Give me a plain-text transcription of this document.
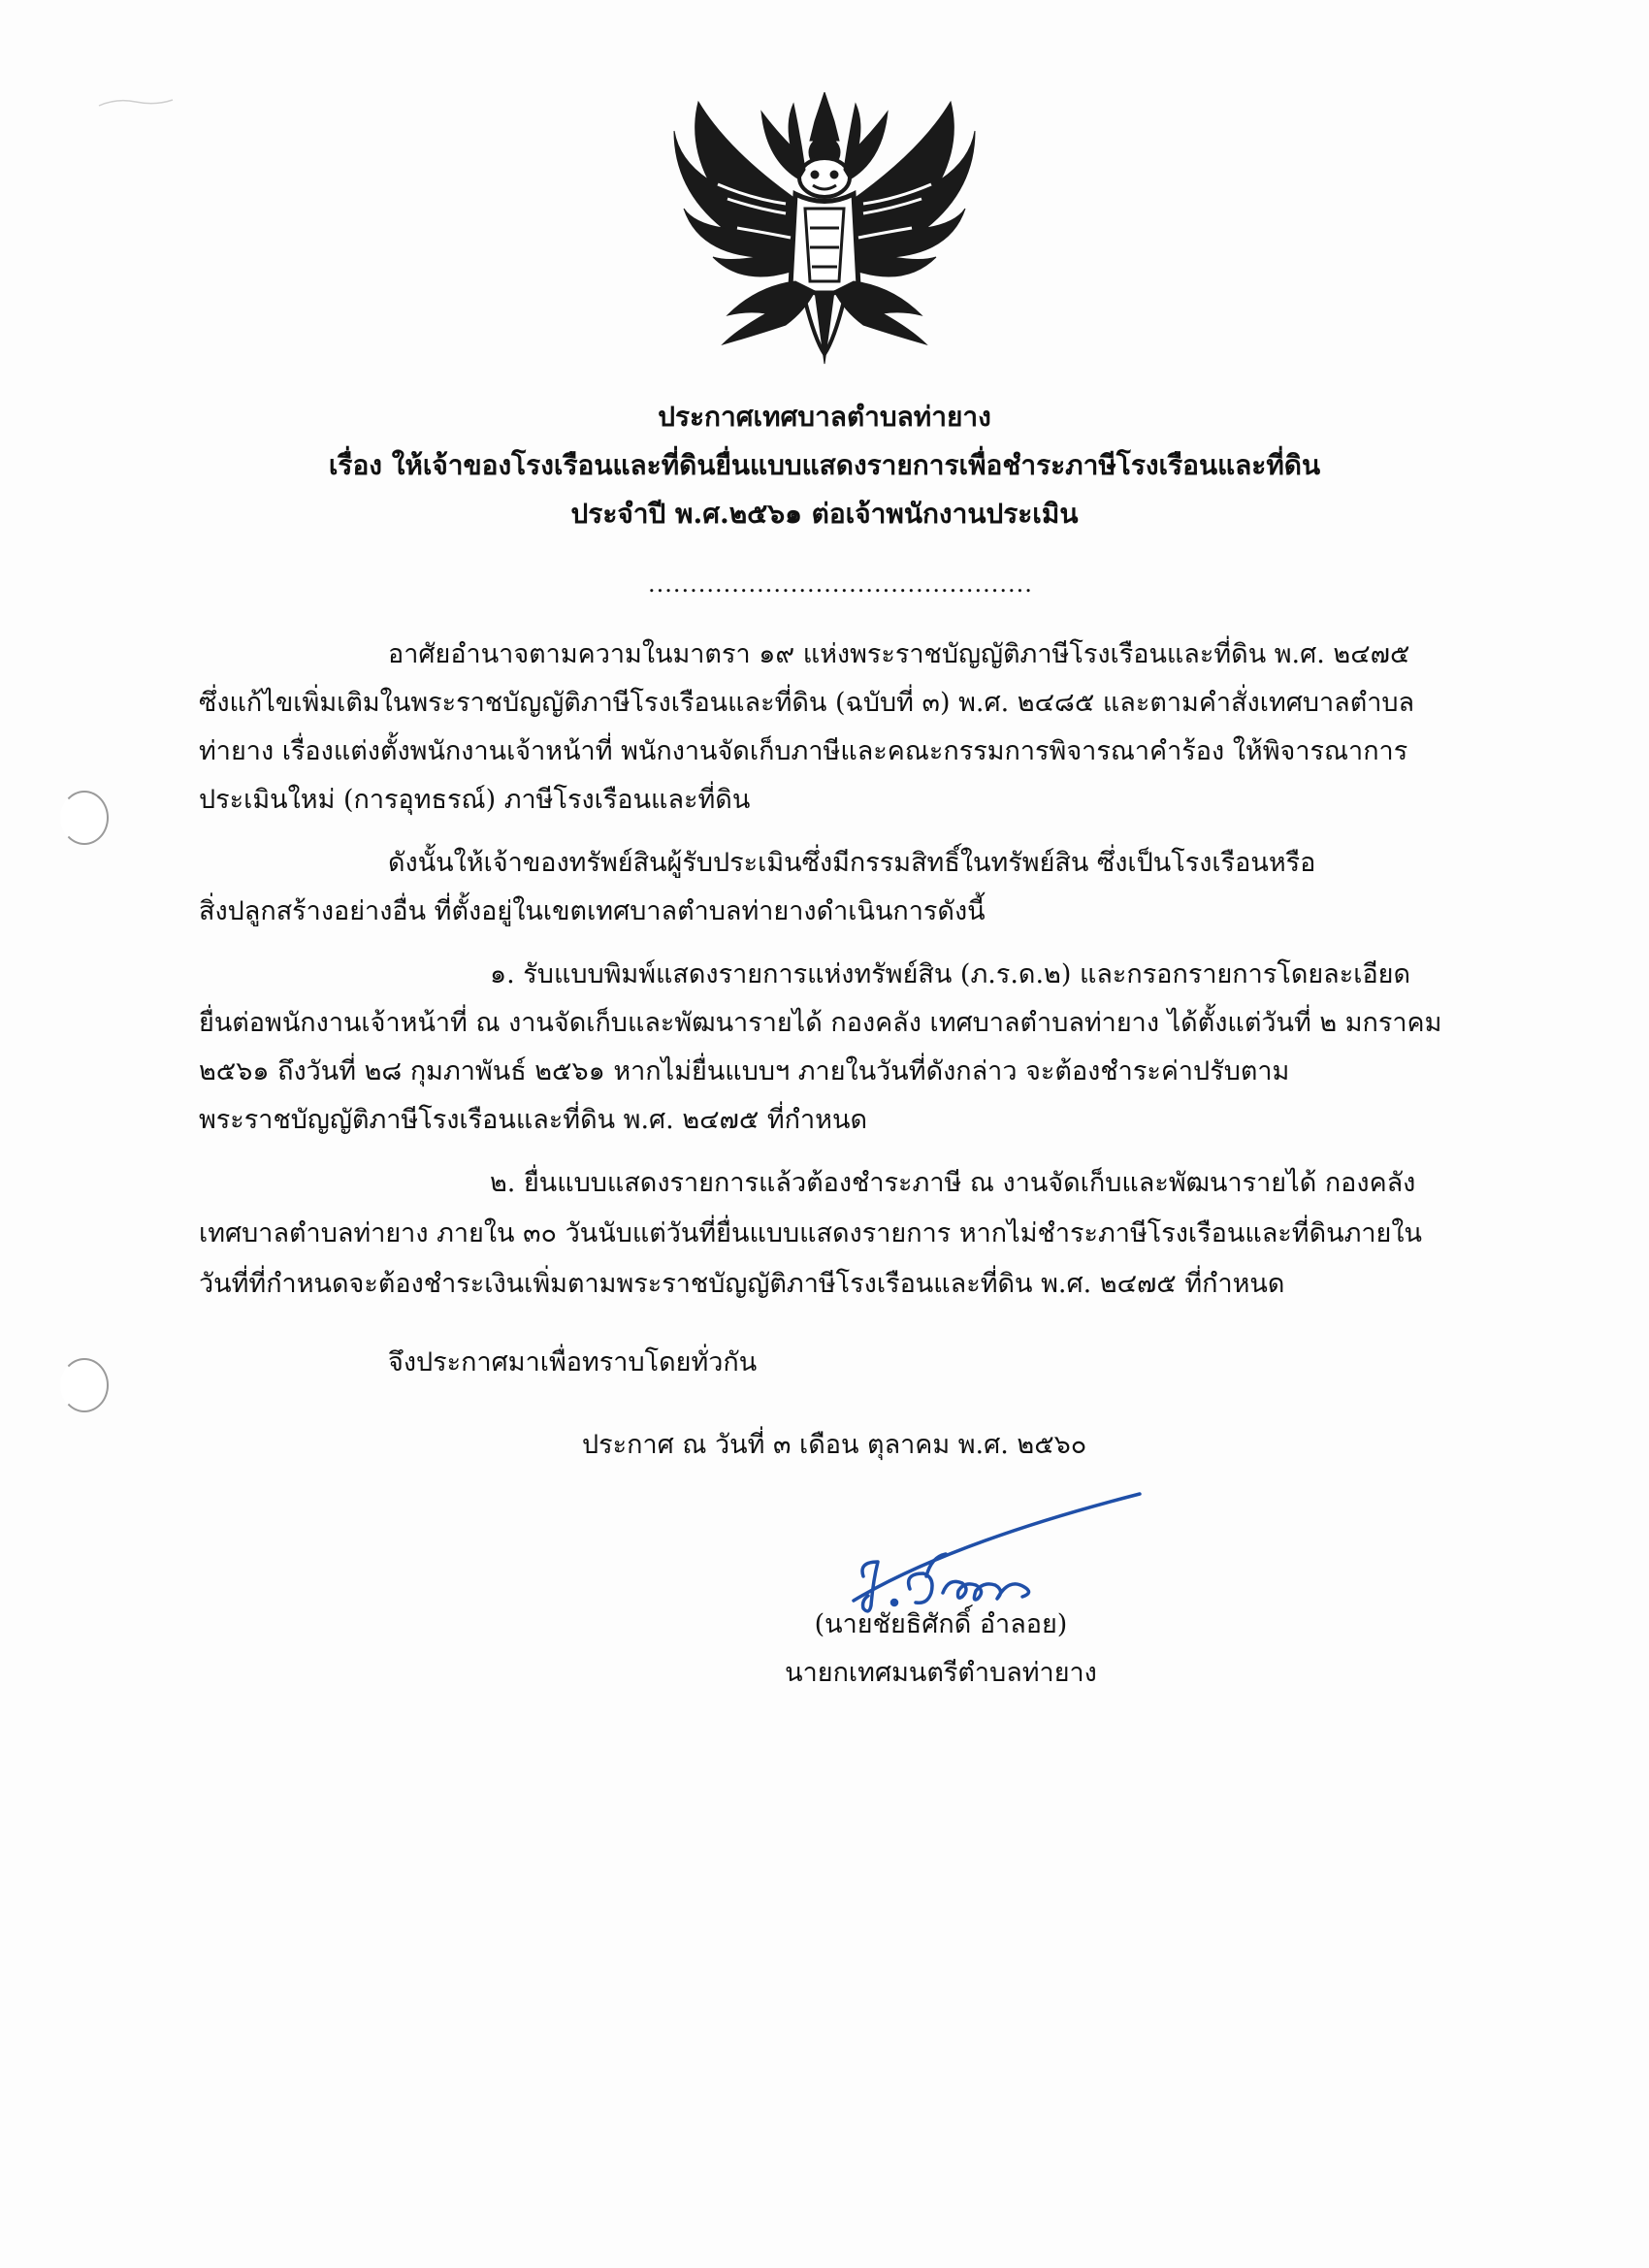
ประกาศเทศบาลตำบลท่ายาง
เรื่อง ให้เจ้าของโรงเรือนและที่ดินยื่นแบบแสดงรายการเพื่อชำระภาษีโรงเรือนและที่ดิน
ประจำปี พ.ศ.๒๕๖๑ ต่อเจ้าพนักงานประเมิน
..............................................
อาศัยอำนาจตามความในมาตรา ๑๙ แห่งพระราชบัญญัติภาษีโรงเรือนและที่ดิน พ.ศ. ๒๔๗๕
ซึ่งแก้ไขเพิ่มเติมในพระราชบัญญัติภาษีโรงเรือนและที่ดิน (ฉบับที่ ๓) พ.ศ. ๒๔๘๕ และตามคำสั่งเทศบาลตำบล
ท่ายาง เรื่องแต่งตั้งพนักงานเจ้าหน้าที่ พนักงานจัดเก็บภาษีและคณะกรรมการพิจารณาคำร้อง ให้พิจารณาการ
ประเมินใหม่ (การอุทธรณ์) ภาษีโรงเรือนและที่ดิน
ดังนั้นให้เจ้าของทรัพย์สินผู้รับประเมินซึ่งมีกรรมสิทธิ์ในทรัพย์สิน ซึ่งเป็นโรงเรือนหรือ
สิ่งปลูกสร้างอย่างอื่น ที่ตั้งอยู่ในเขตเทศบาลตำบลท่ายางดำเนินการดังนี้
๑. รับแบบพิมพ์แสดงรายการแห่งทรัพย์สิน (ภ.ร.ด.๒) และกรอกรายการโดยละเอียด
ยื่นต่อพนักงานเจ้าหน้าที่ ณ งานจัดเก็บและพัฒนารายได้ กองคลัง เทศบาลตำบลท่ายาง ได้ตั้งแต่วันที่ ๒ มกราคม
๒๕๖๑ ถึงวันที่ ๒๘ กุมภาพันธ์ ๒๕๖๑ หากไม่ยื่นแบบฯ ภายในวันที่ดังกล่าว จะต้องชำระค่าปรับตาม
พระราชบัญญัติภาษีโรงเรือนและที่ดิน พ.ศ. ๒๔๗๕ ที่กำหนด
๒. ยื่นแบบแสดงรายการแล้วต้องชำระภาษี ณ งานจัดเก็บและพัฒนารายได้ กองคลัง
เทศบาลตำบลท่ายาง ภายใน ๓๐ วันนับแต่วันที่ยื่นแบบแสดงรายการ หากไม่ชำระภาษีโรงเรือนและที่ดินภายใน
วันที่ที่กำหนดจะต้องชำระเงินเพิ่มตามพระราชบัญญัติภาษีโรงเรือนและที่ดิน พ.ศ. ๒๔๗๕ ที่กำหนด
จึงประกาศมาเพื่อทราบโดยทั่วกัน
ประกาศ ณ วันที่ ๓ เดือน ตุลาคม พ.ศ. ๒๕๖๐
(นายชัยธิศักดิ์ อำลอย)
นายกเทศมนตรีตำบลท่ายาง
